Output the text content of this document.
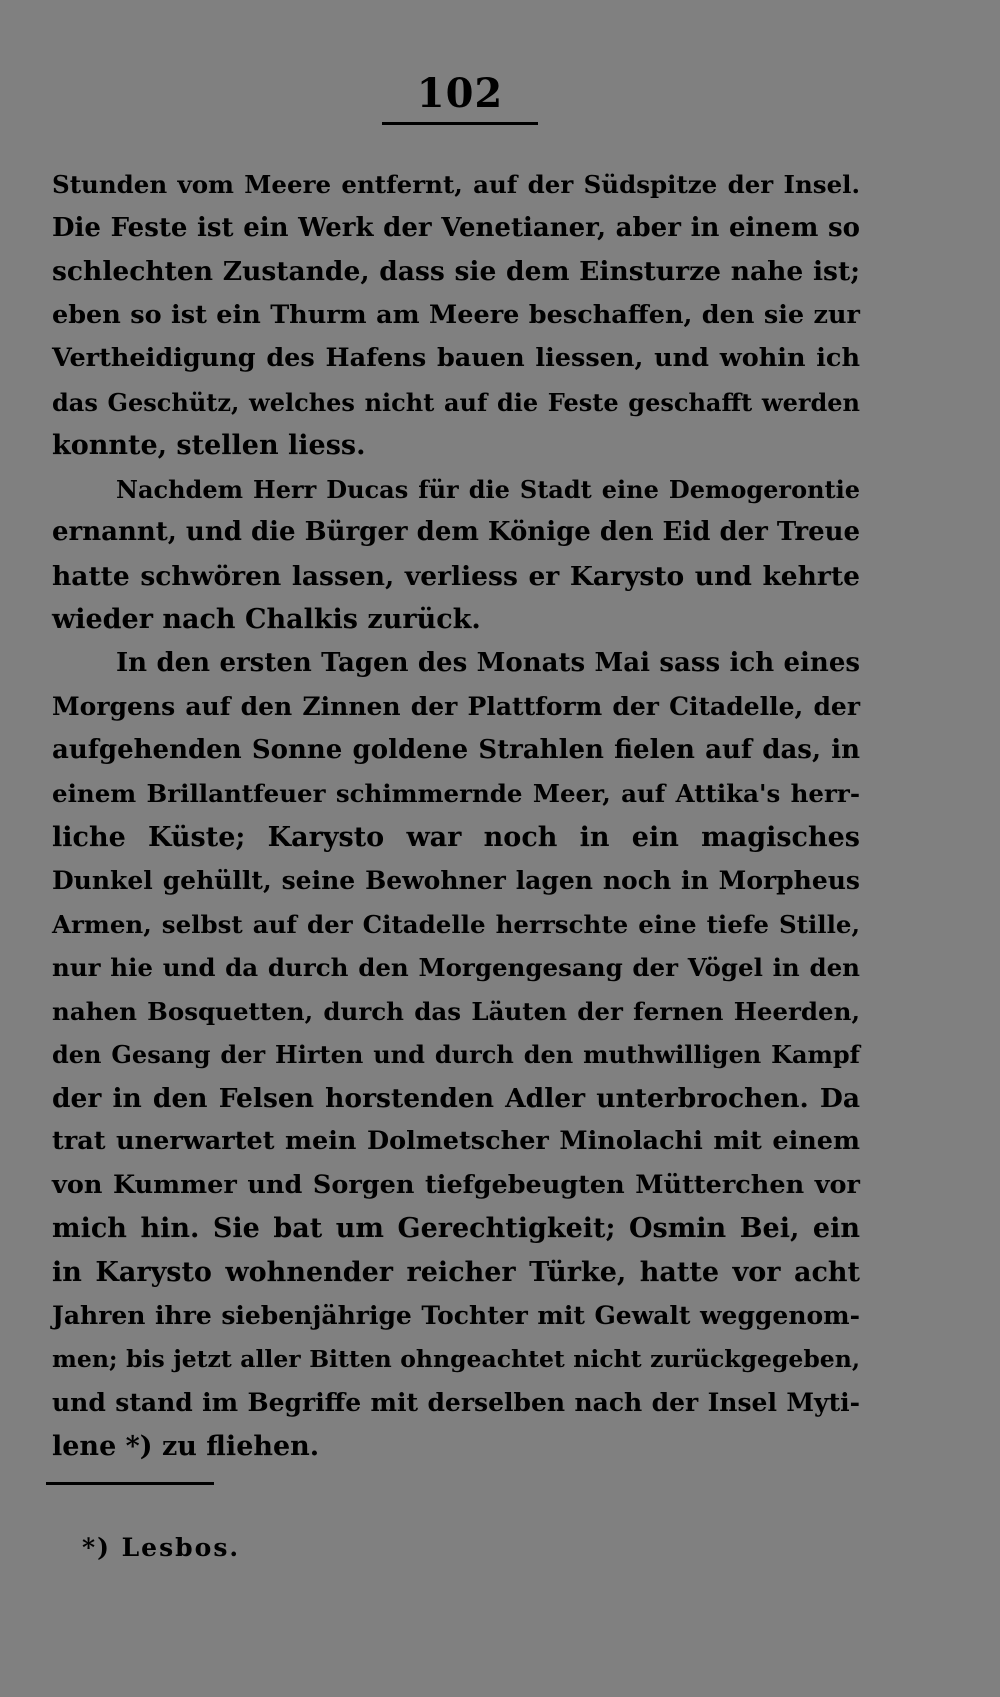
102
Stunden vom Meere entfernt, auf der Südspitze der Insel.
Die Feste ist ein Werk der Venetianer, aber in einem so
schlechten Zustande, dass sie dem Einsturze nahe ist;
eben so ist ein Thurm am Meere beschaffen, den sie zur
Vertheidigung des Hafens bauen liessen, und wohin ich
das Geschütz, welches nicht auf die Feste geschafft werden
konnte, stellen liess.
Nachdem Herr Ducas für die Stadt eine Demogerontie
ernannt, und die Bürger dem Könige den Eid der Treue
hatte schwören lassen, verliess er Karysto und kehrte
wieder nach Chalkis zurück.
In den ersten Tagen des Monats Mai sass ich eines
Morgens auf den Zinnen der Plattform der Citadelle, der
aufgehenden Sonne goldene Strahlen fielen auf das, in
einem Brillantfeuer schimmernde Meer, auf Attika's herr-
liche Küste; Karysto war noch in ein magisches
Dunkel gehüllt, seine Bewohner lagen noch in Morpheus
Armen, selbst auf der Citadelle herrschte eine tiefe Stille,
nur hie und da durch den Morgengesang der Vögel in den
nahen Bosquetten, durch das Läuten der fernen Heerden,
den Gesang der Hirten und durch den muthwilligen Kampf
der in den Felsen horstenden Adler unterbrochen. Da
trat unerwartet mein Dolmetscher Minolachi mit einem
von Kummer und Sorgen tiefgebeugten Mütterchen vor
mich hin. Sie bat um Gerechtigkeit; Osmin Bei, ein
in Karysto wohnender reicher Türke, hatte vor acht
Jahren ihre siebenjährige Tochter mit Gewalt weggenom-
men; bis jetzt aller Bitten ohngeachtet nicht zurückgegeben,
und stand im Begriffe mit derselben nach der Insel Myti-
lene *) zu fliehen.
*) Lesbos.
